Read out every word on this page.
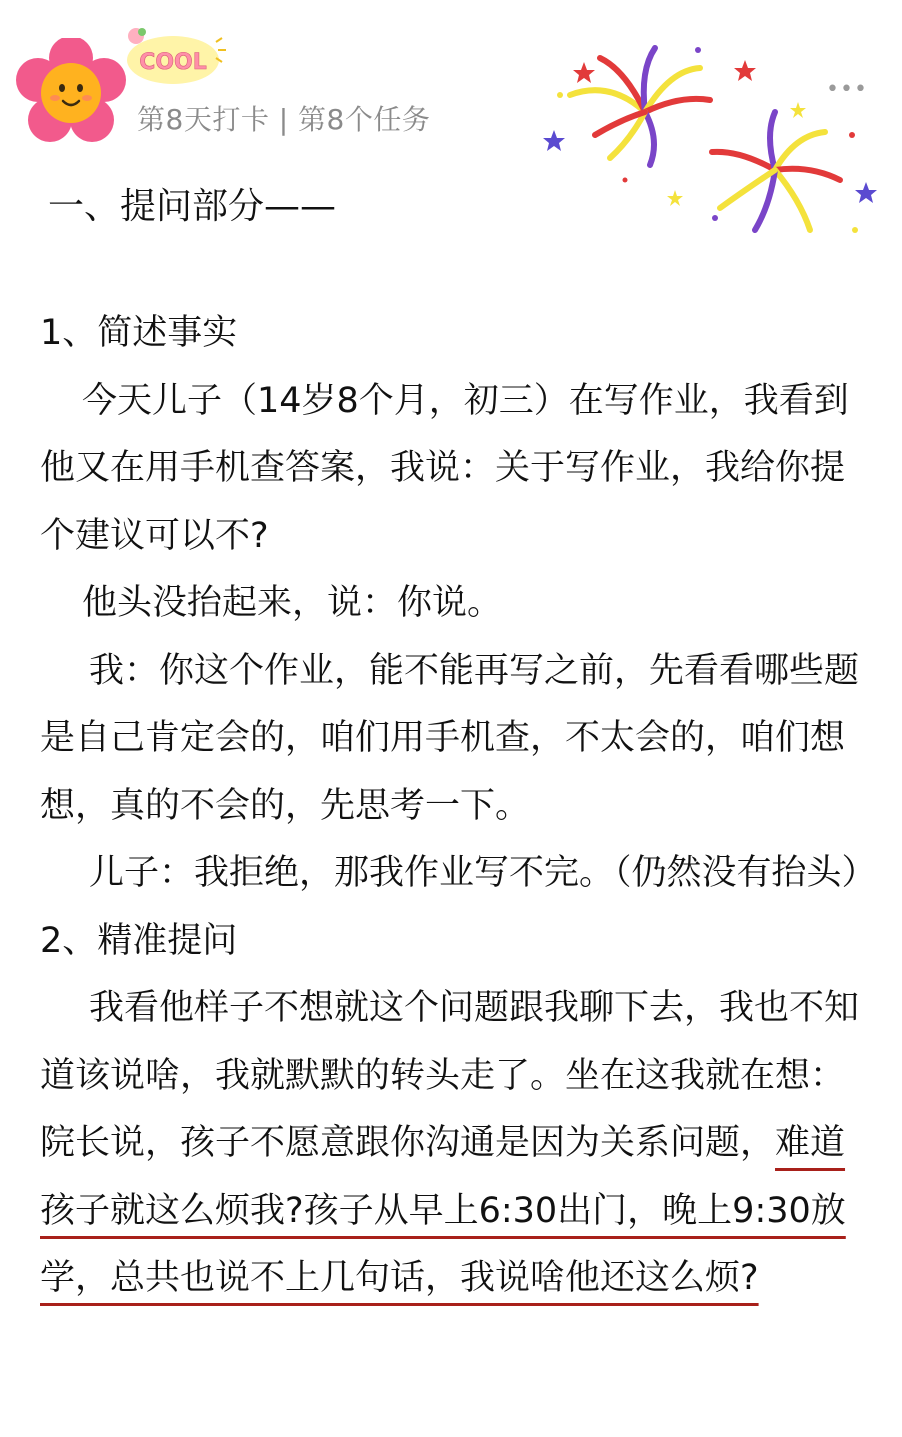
COOL
第8天打卡 | 第8个任务
•••
一、提问部分——

1、简述事实

今天儿子（14岁8个月，初三）在写作业，我看到他又在用手机查答案，我说：关于写作业，我给你提个建议可以不?

他头没抬起来，说：你说。

我：你这个作业，能不能再写之前，先看看哪些题是自己肯定会的，咱们用手机查，不太会的，咱们想想，真的不会的，先思考一下。

儿子：我拒绝，那我作业写不完。（仍然没有抬头）

2、精准提问

我看他样子不想就这个问题跟我聊下去，我也不知道该说啥，我就默默的转头走了。坐在这我就在想：院长说，孩子不愿意跟你沟通是因为关系问题，难道孩子就这么烦我?孩子从早上6:30出门，晚上9:30放学，总共也说不上几句话，我说啥他还这么烦?
